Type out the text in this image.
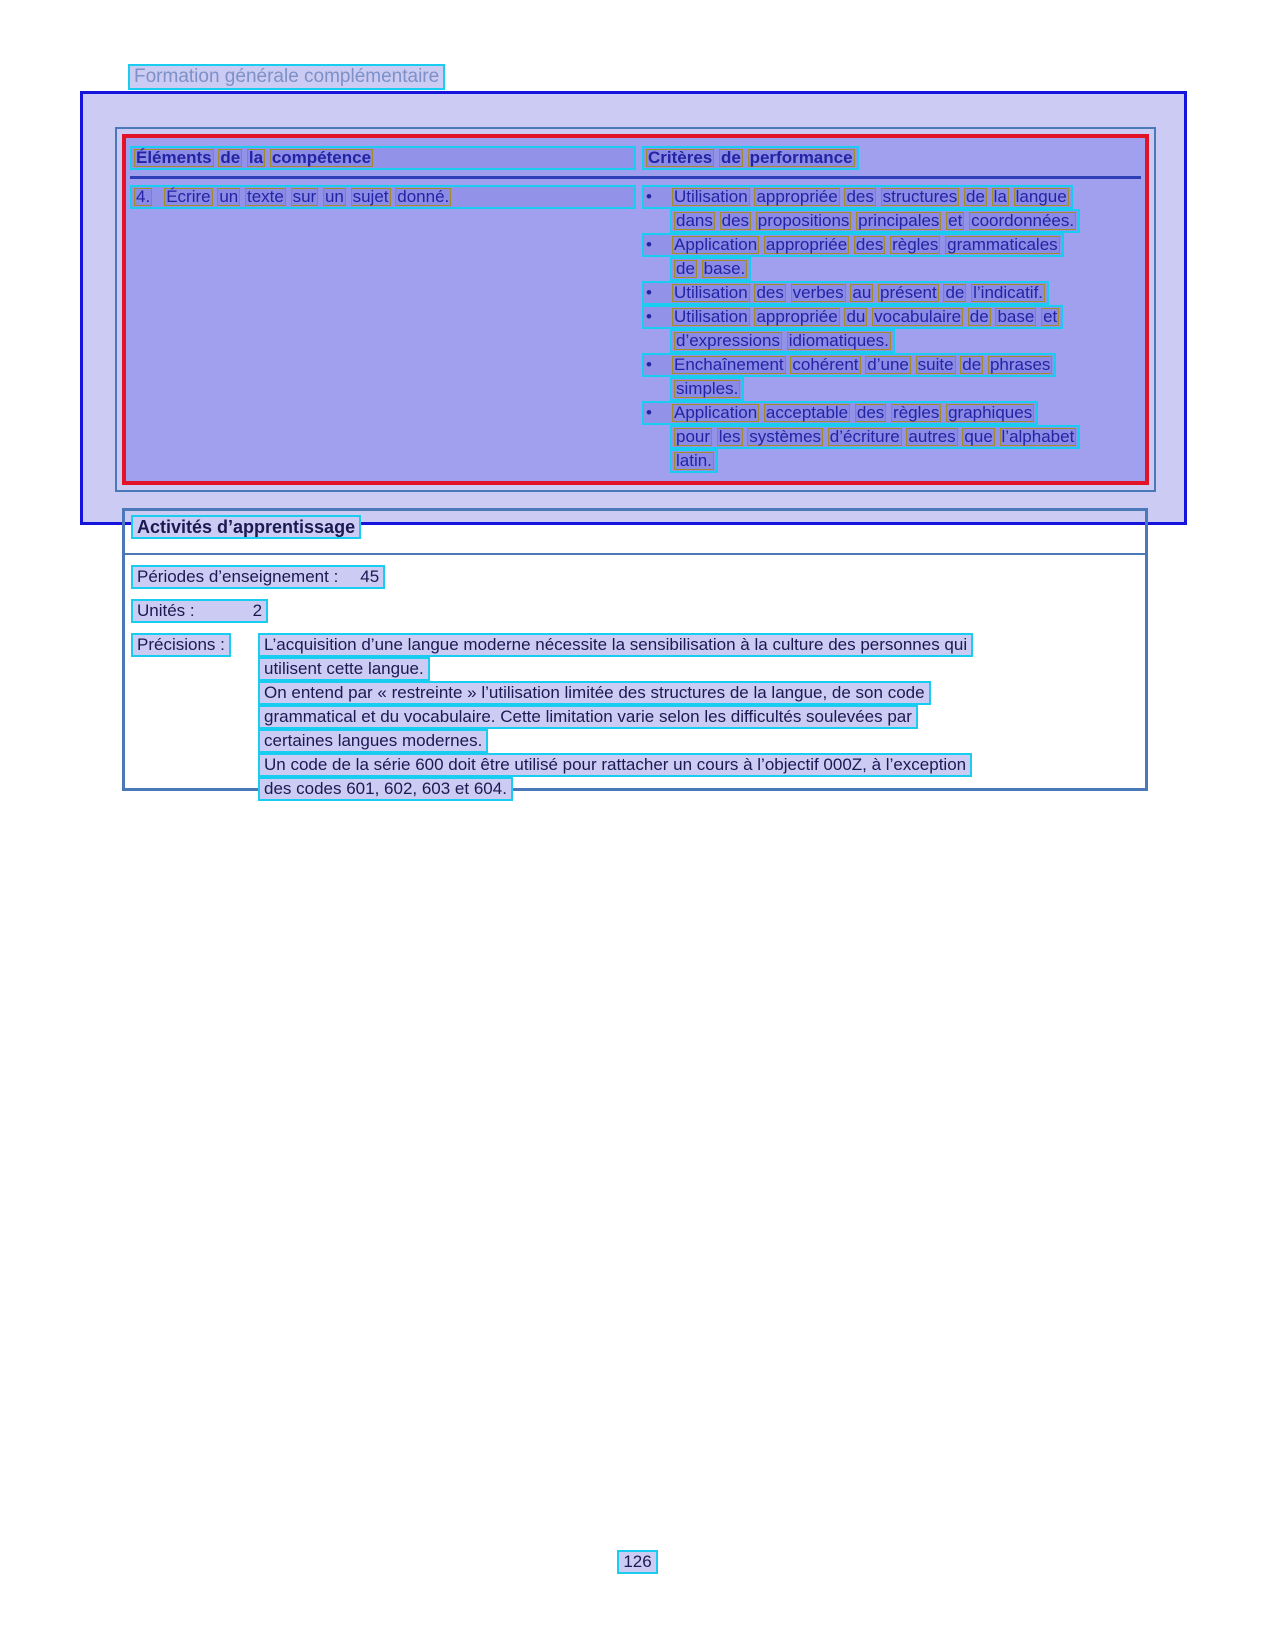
Formation générale complémentaire
Éléments de la compétence	Critères de performance
4. Écrire un texte sur un sujet donné.	• Utilisation appropriée des structures de la langue
dans des propositions principales et coordonnées.
• Application appropriée des règles grammaticales
de base.
• Utilisation des verbes au présent de l’indicatif.
• Utilisation appropriée du vocabulaire de base et
d’expressions idiomatiques.
• Enchaînement cohérent d’une suite de phrases
simples.
• Application acceptable des règles graphiques
pour les systèmes d’écriture autres que l’alphabet
latin.
Activités d’apprentissage
Périodes d’enseignement : 45
Unités :	2
Précisions :	L’acquisition d’une langue moderne nécessite la sensibilisation à la culture des personnes qui
utilisent cette langue.
On entend par « restreinte » l’utilisation limitée des structures de la langue, de son code
grammatical et du vocabulaire. Cette limitation varie selon les difficultés soulevées par
certaines langues modernes.
Un code de la série 600 doit être utilisé pour rattacher un cours à l’objectif 000Z, à l’exception
des codes 601, 602, 603 et 604.
126
